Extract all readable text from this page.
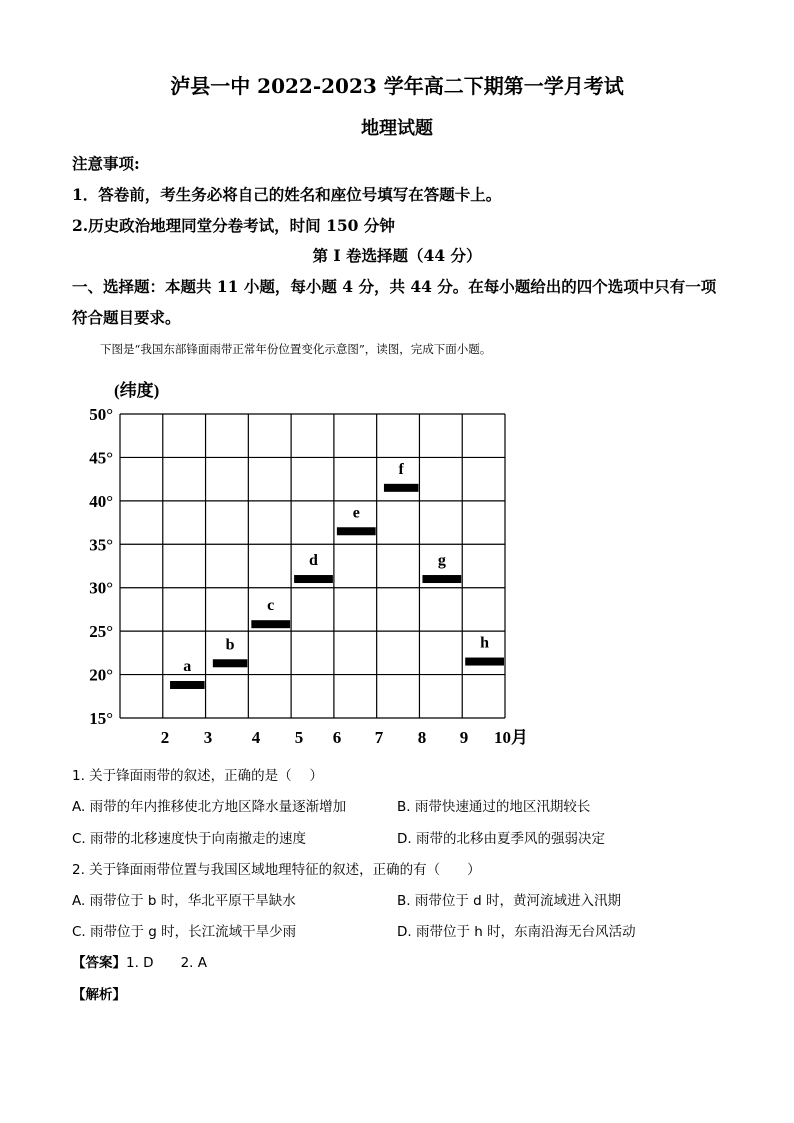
泸县一中 2022-2023 学年高二下期第一学月考试
地理试题
注意事项:
1．答卷前，考生务必将自己的姓名和座位号填写在答题卡上。
2.历史政治地理同堂分卷考试，时间 150 分钟
第 I 卷选择题（44 分）
一、选择题：本题共 11 小题，每小题 4 分，共 44 分。在每小题给出的四个选项中只有一项
符合题目要求。
下图是“我国东部锋面雨带正常年份位置变化示意图”，读图，完成下面小题。
(纬度)
50°
45°
40°
35°
30°
25°
20°
15°
2 3 4 5 6 7 8 9 10月
a
b
c
d
e
f
g
h
1. 关于锋面雨带的叙述，正确的是（　 ）
A. 雨带的年内推移使北方地区降水量逐渐增加	B. 雨带快速通过的地区汛期较长
C. 雨带的北移速度快于向南撤走的速度	D. 雨带的北移由夏季风的强弱决定
2. 关于锋面雨带位置与我国区域地理特征的叙述，正确的有（　　）
A. 雨带位于 b 时，华北平原干旱缺水	B. 雨带位于 d 时，黄河流域进入汛期
C. 雨带位于 g 时，长江流域干旱少雨	D. 雨带位于 h 时，东南沿海无台风活动
【答案】1. D　　2. A
【解析】
